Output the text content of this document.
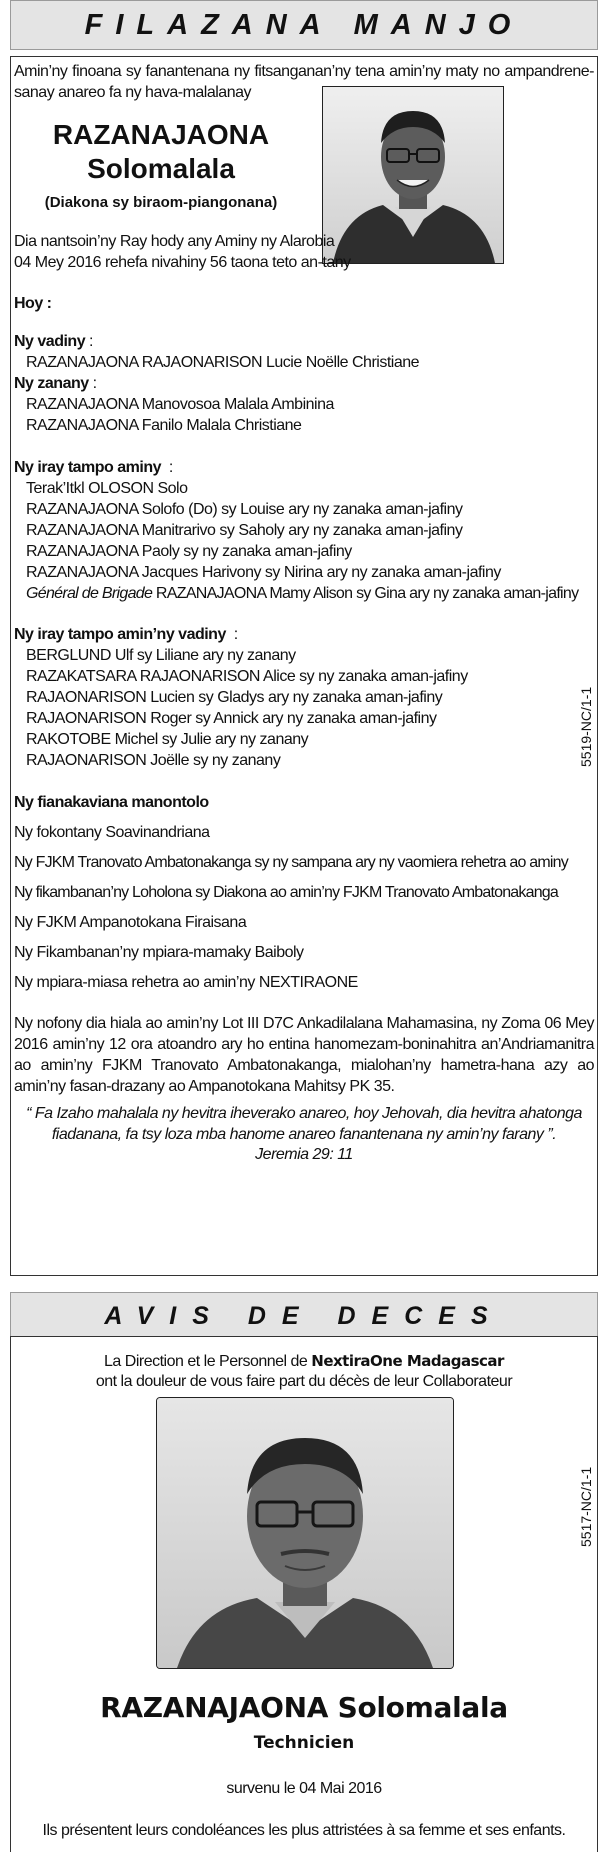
FILAZANA MANJO
Amin’ny finoana sy fanantenana ny fitsanganan’ny tena amin’ny maty no ampandrene-sanay anareo fa ny hava-malalanay
RAZANAJAONA
Solomalala
(Diakona sy biraom-piangonana)
Dia nantsoin’ny Ray hody any Aminy ny Alarobia
04 Mey 2016 rehefa nivahiny 56 taona teto an-tany
Hoy :
Ny vadiny :
RAZANAJAONA RAJAONARISON Lucie Noëlle Christiane
Ny zanany :
RAZANAJAONA Manovosoa Malala Ambinina
RAZANAJAONA Fanilo Malala Christiane
Ny iray tampo aminy  :
Terak’Itkl OLOSON Solo
RAZANAJAONA Solofo (Do) sy Louise ary ny zanaka aman-jafiny
RAZANAJAONA Manitrarivo sy Saholy ary ny zanaka aman-jafiny
RAZANAJAONA Paoly sy ny zanaka aman-jafiny
RAZANAJAONA Jacques Harivony sy Nirina ary ny zanaka aman-jafiny
Général de Brigade RAZANAJAONA Mamy Alison sy Gina ary ny zanaka aman-jafiny
Ny iray tampo amin’ny vadiny  :
BERGLUND Ulf sy Liliane ary ny zanany
RAZAKATSARA RAJAONARISON Alice sy ny zanaka aman-jafiny
RAJAONARISON Lucien sy Gladys ary ny zanaka aman-jafiny
RAJAONARISON Roger sy Annick ary ny zanaka aman-jafiny
RAKOTOBE Michel sy Julie ary ny zanany
RAJAONARISON Joëlle sy ny zanany	5519-NC/1-1
Ny fianakaviana manontolo
Ny fokontany Soavinandriana
Ny FJKM Tranovato Ambatonakanga sy ny sampana ary ny vaomiera rehetra ao aminy
Ny fikambanan’ny Loholona sy Diakona ao amin’ny FJKM Tranovato Ambatonakanga
Ny FJKM Ampanotokana Firaisana
Ny Fikambanan’ny mpiara-mamaky Baiboly
Ny mpiara-miasa rehetra ao amin’ny NEXTIRAONE
Ny nofony dia hiala ao amin’ny Lot III D7C Ankadilalana Mahamasina, ny Zoma 06 Mey 2016 amin’ny 12 ora atoandro ary ho entina hanomezam-boninahitra an’Andriamanitra ao amin’ny FJKM Tranovato Ambatonakanga, mialohan’ny hametra-hana azy ao amin’ny fasan-drazany ao Ampanotokana Mahitsy PK 35.
“ Fa Izaho mahalala ny hevitra iheverako anareo, hoy Jehovah, dia hevitra ahatonga fiadanana, fa tsy loza mba hanome anareo fanantenana ny amin’ny farany ”.
Jeremia 29: 11
AVIS DE DECES
La Direction et le Personnel de NextiraOne Madagascar
ont la douleur de vous faire part du décès de leur Collaborateur
5517-NC/1-1
RAZANAJAONA Solomalala
Technicien
survenu le 04 Mai 2016
Ils présentent leurs condoléances les plus attristées à sa femme et ses enfants.
